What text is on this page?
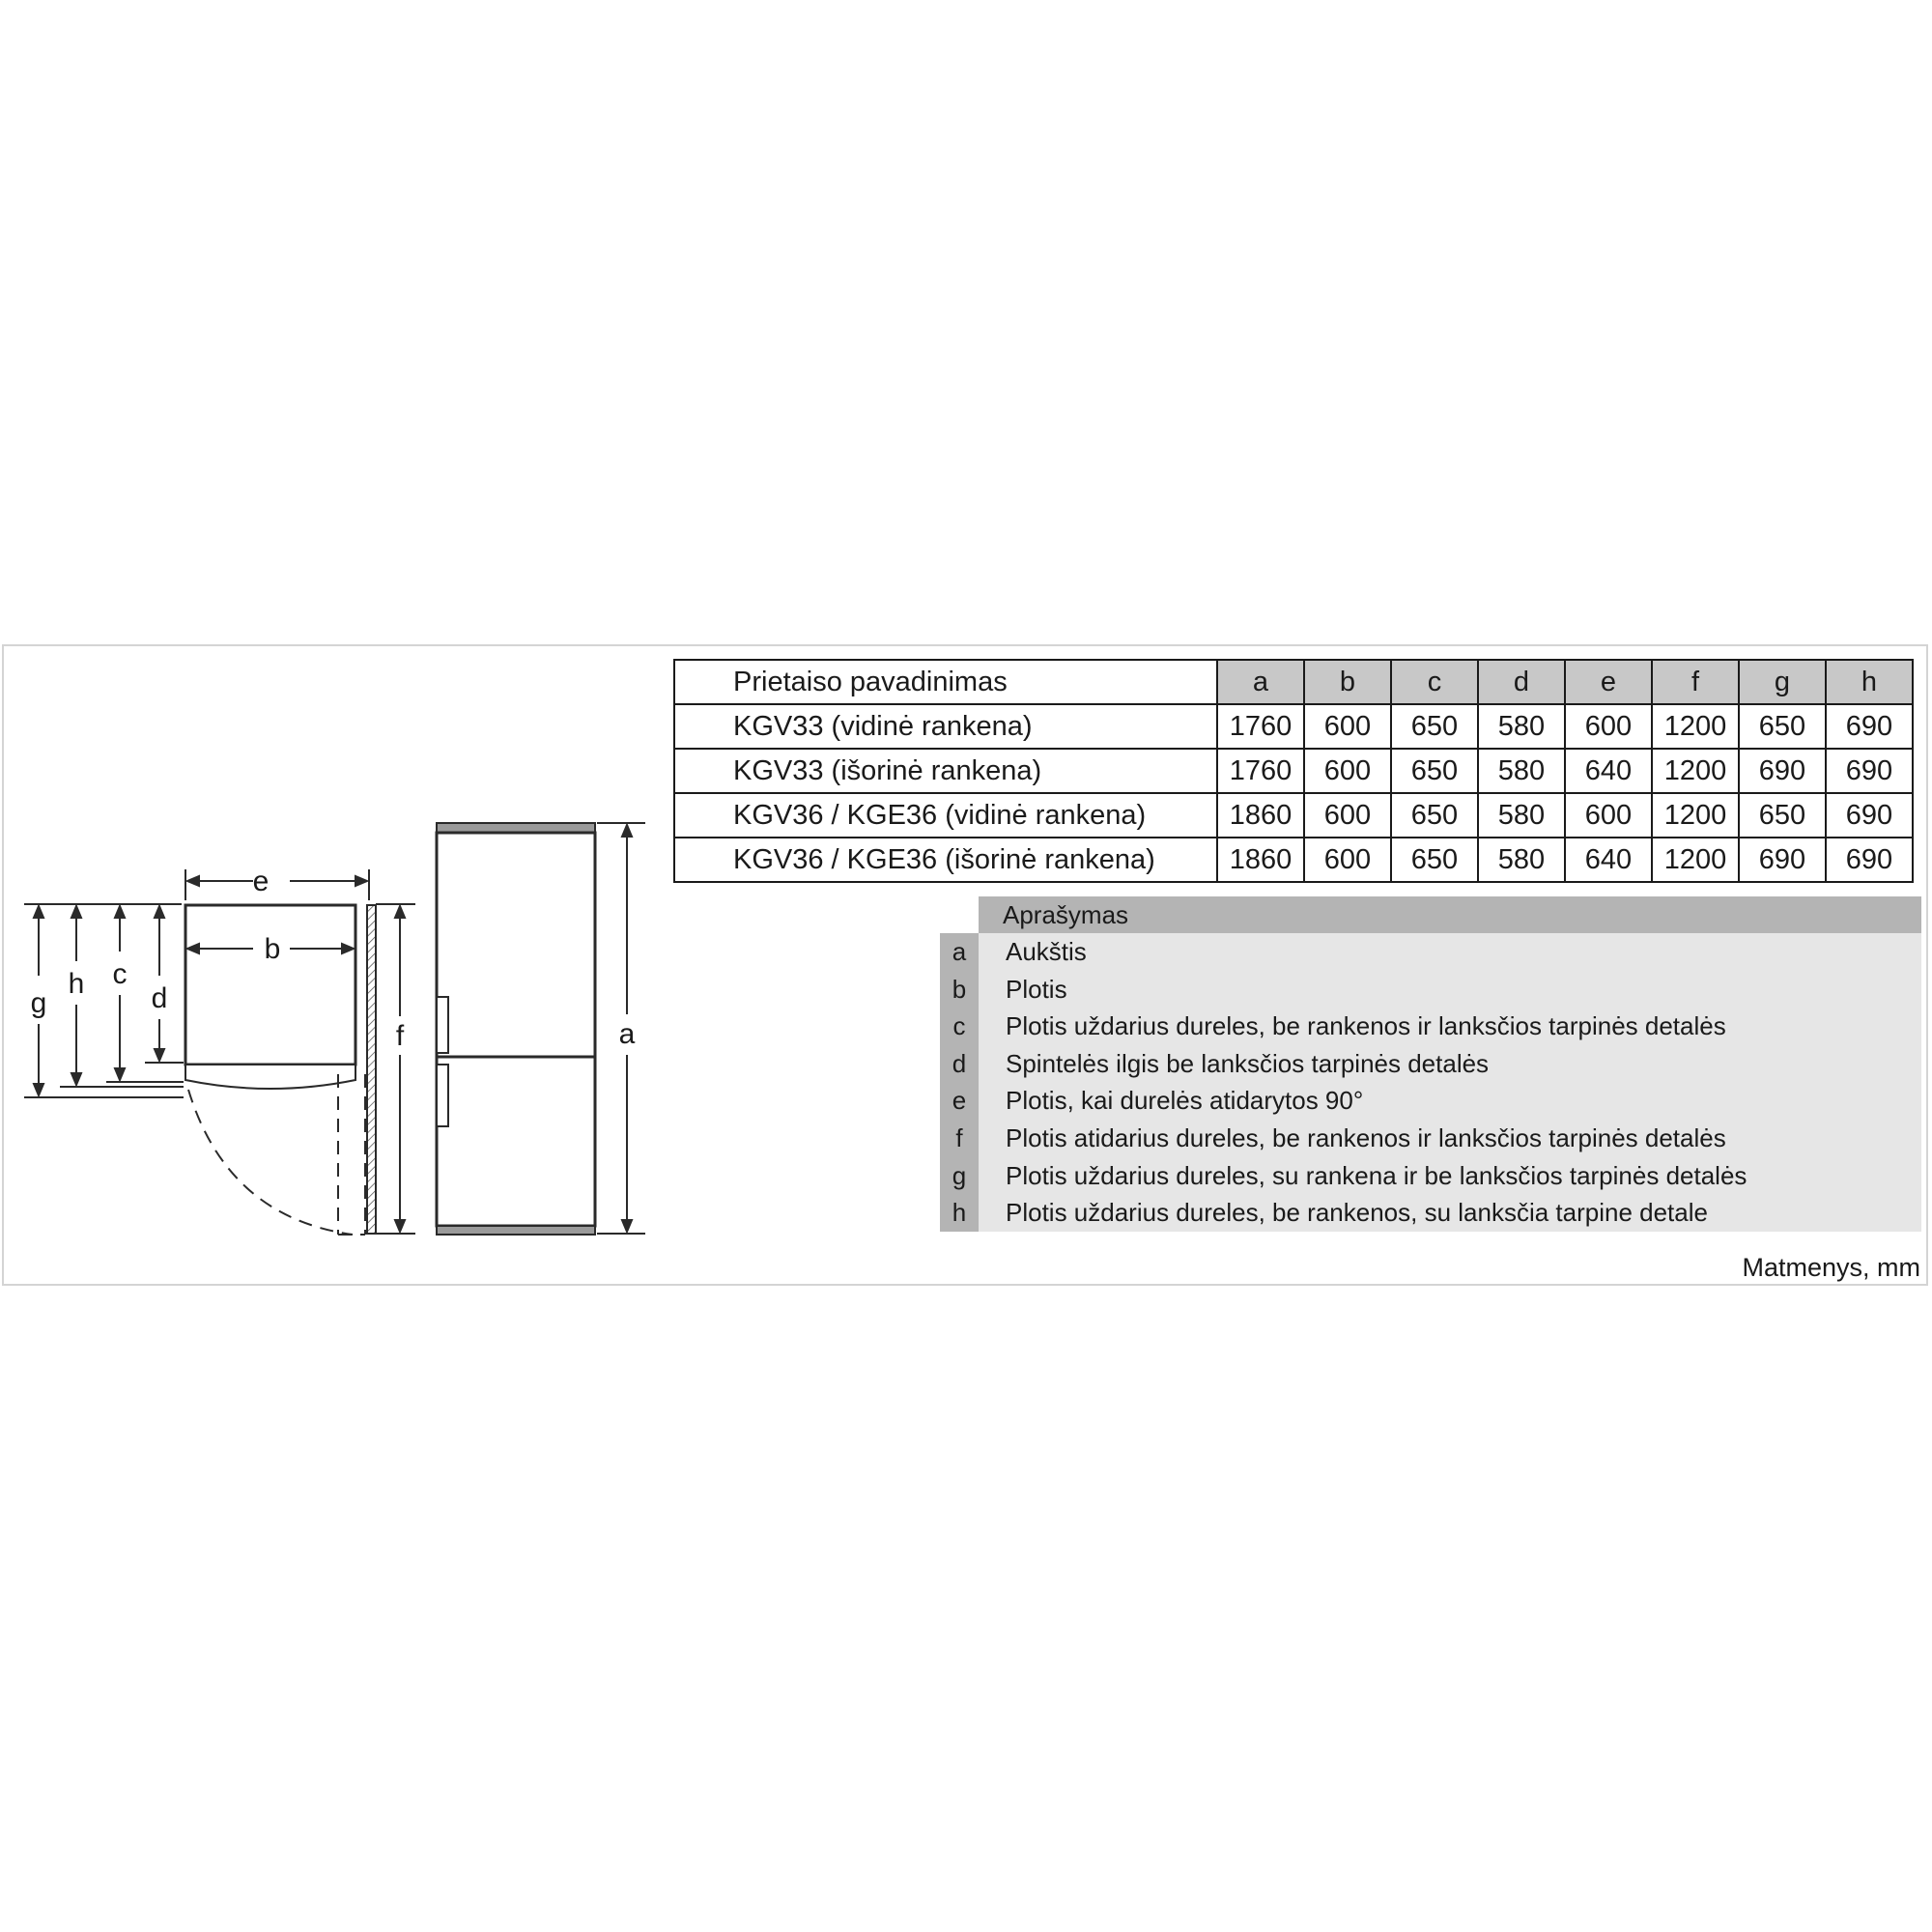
e
b
g
h c
d
f	a
Prietaiso pavadinimas	a	b	c	d	e	f	g	h
KGV33 (vidinė rankena)	1760	600	650	580	600	1200	650	690
KGV33 (išorinė rankena)	1760	600	650	580	640	1200	690	690
KGV36 / KGE36 (vidinė rankena)	1860	600	650	580	600	1200	650	690
KGV36 / KGE36 (išorinė rankena)	1860	600	650	580	640	1200	690	690
Aprašymas
a	Aukštis
b	Plotis
c	Plotis uždarius dureles, be rankenos ir lanksčios tarpinės detalės
d	Spintelės ilgis be lanksčios tarpinės detalės
e	Plotis, kai durelės atidarytos 90°
f	Plotis atidarius dureles, be rankenos ir lanksčios tarpinės detalės
g	Plotis uždarius dureles, su rankena ir be lanksčios tarpinės detalės
h	Plotis uždarius dureles, be rankenos, su lanksčia tarpine detale
Matmenys, mm
